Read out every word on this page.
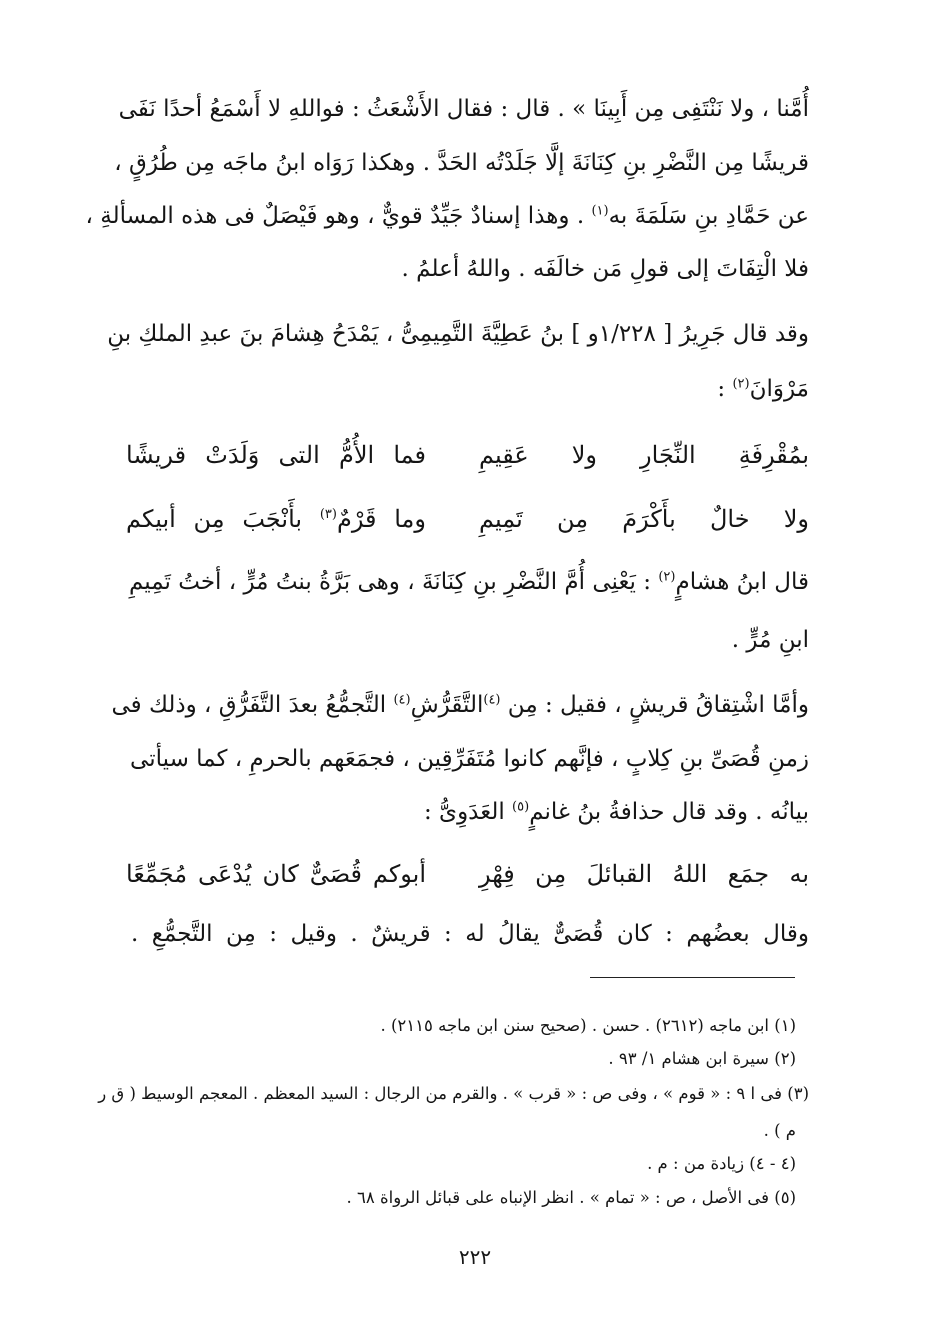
أُمَّنا ، ولا نَنْتَفِى مِن أَبِينَا » . قال : فقال الأَشْعَثُ : فواللهِ لا أَسْمَعُ أحدًا نَفَى
قريشًا مِن النَّضْرِ بنِ كِنَانَةَ إلَّا جَلَدْتُه الحَدَّ . وهكذا رَوَاه ابنُ ماجَه مِن طُرُقٍ ،
عن حَمَّادِ بنِ سَلَمَةَ به$^{(١)}$ . وهذا إسنادٌ جَيِّدٌ قويٌّ ، وهو فَيْصَلٌ فى هذه المسألةِ ،
فلا الْتِفَاتَ إلى قولِ مَن خالَفَه . واللهُ أعلمُ .
وقد قال جَرِيرُ [ ١/٢٢٨و ] بنُ عَطِيَّةَ التَّمِيمِىُّ ، يَمْدَحُ هِشامَ بنَ عبدِ الملكِ بنِ
مَرْوَانَ$^{(٢)}$ :
فما الأُمُّ التى وَلَدَتْ قريشًا بمُقْرِفَةِ النِّجَارِ ولا عَقِيمِ
وما قَرْمٌ$^{(٣)}$ بأَنْجَبَ مِن أبيكم	ولا خالٌ بأَكْرَمَ مِن تَمِيمِ
قال ابنُ هشامٍ$^{(٢)}$ : يَعْنِى أُمَّ النَّضْرِ بنِ كِنَانَةَ ، وهى بَرَّةُ بنتُ مُرٍّ ، أختُ تَمِيمِ
ابنِ مُرٍّ .
وأمَّا اشْتِقاقُ قريشٍ ، فقيل : مِن $^{(٤)}$التَّقَرُّشِ$^{(٤)}$ التَّجمُّعُ بعدَ التَّفَرُّقِ ، وذلك فى
زمنِ قُصَىِّ بنِ كِلابٍ ، فإنَّهم كانوا مُتَفَرِّقِين ، فجمَعَهم بالحرمِ ، كما سيأتى
بيانُه . وقد قال حذافةُ بنُ غانمٍ$^{(٥)}$ العَدَوِىُّ :
أبوكم قُصَىٌّ كان يُدْعَى مُجَمِّعًا به جمَع اللهُ القبائلَ مِن فِهْرِ
وقال بعضُهم : كان قُصَىٌّ يقالُ له : قريشٌ . وقيل : مِن التَّجمُّعِ .
(١) ابن ماجه (٢٦١٢) . حسن . (صحيح سنن ابن ماجه ٢١١٥) .
(٢) سيرة ابن هشام ١/ ٩٣ .
(٣) فى ا ٩ : « قوم » ، وفى ص : « قرب » . والقرم من الرجال : السيد المعظم . المعجم الوسيط ( ق ر
م ) .
(٤ - ٤) زيادة من : م .
(٥) فى الأصل ، ص : « تمام » . انظر الإنباه على قبائل الرواة ٦٨ .
٢٢٢
